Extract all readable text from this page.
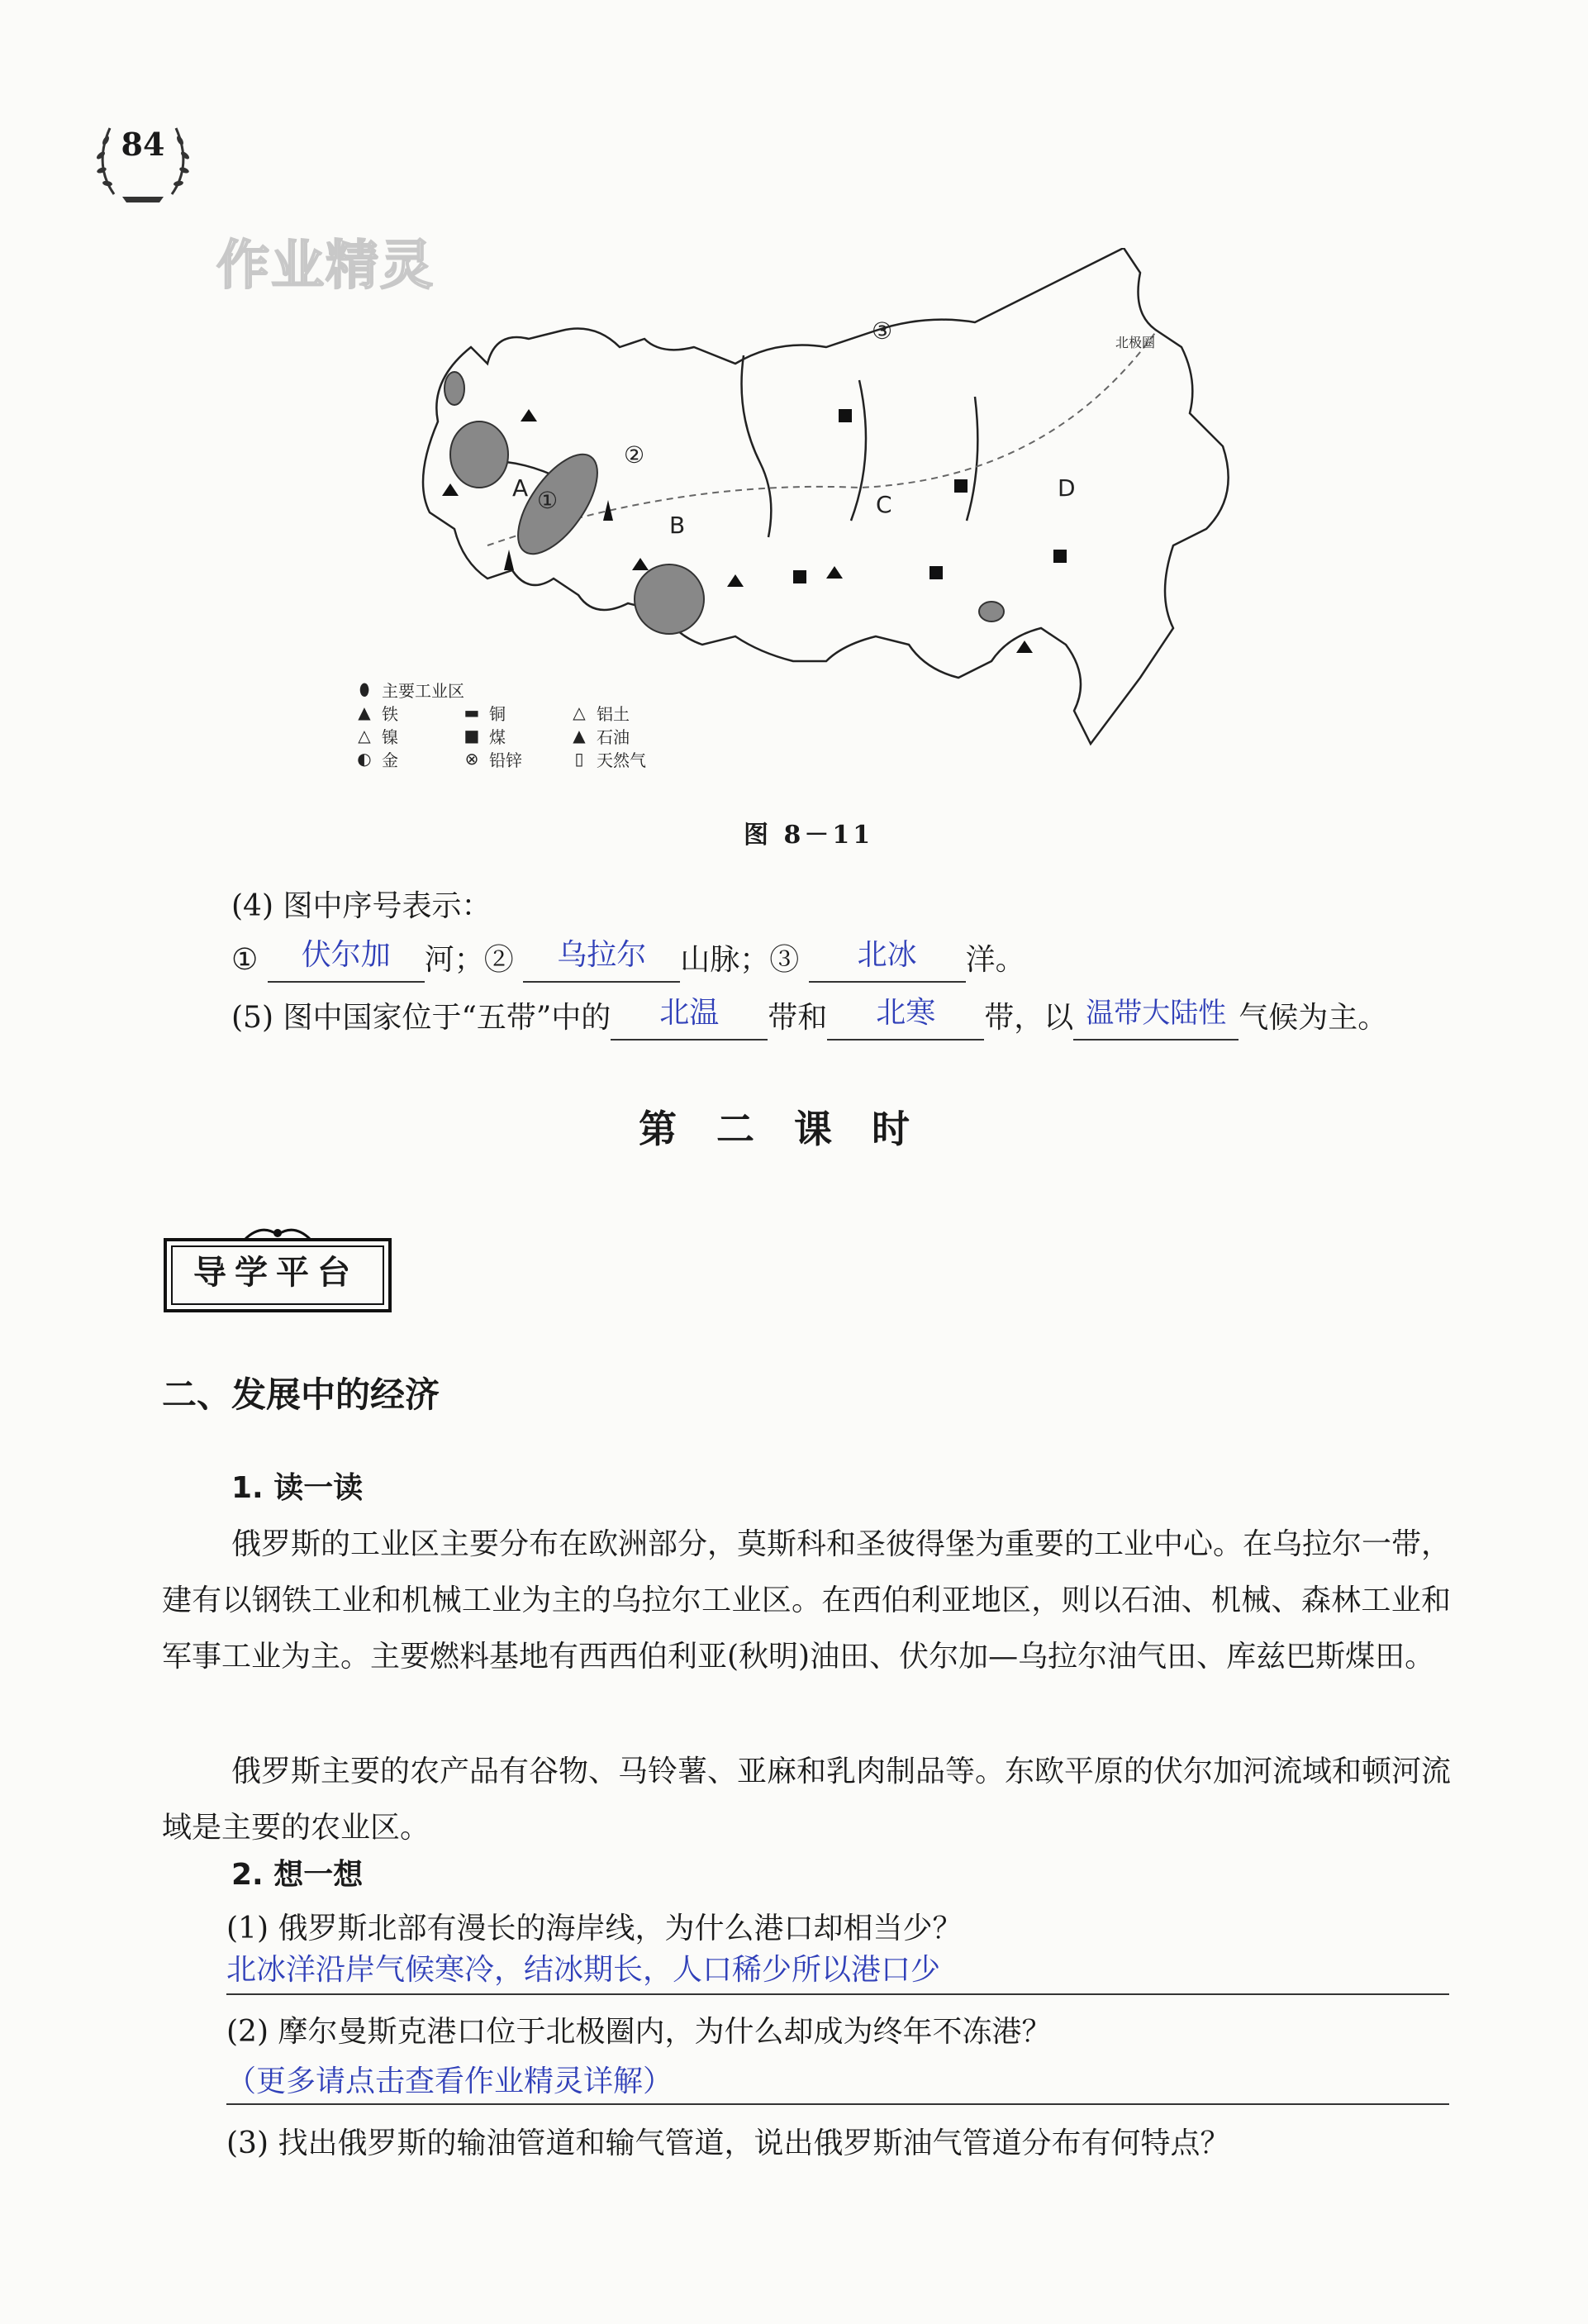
84
作业精灵
A
B
C
D
①
②
③	北极圈
⬮ 主要工业区
▲ 铁	▬ 铜	△ 铝土
△ 镍	■ 煤	▲ 石油
◐ 金	⊗ 铅锌	▯ 天然气
图 8－11
(4) 图中序号表示：
①	伏尔加	河；②	乌拉尔	山脉；③	北冰	洋。
(5) 图中国家位于“五带”中的	北温	带和	北寒	带，以 温带大陆性 气候为主。
第二课时
导学平台
二、发展中的经济
1. 读一读
俄罗斯的工业区主要分布在欧洲部分，莫斯科和圣彼得堡为重要的工业中心。在乌拉尔一带，建有以钢铁工业和机械工业为主的乌拉尔工业区。在西伯利亚地区，则以石油、机械、森林工业和军事工业为主。主要燃料基地有西西伯利亚(秋明)油田、伏尔加—乌拉尔油气田、库兹巴斯煤田。
俄罗斯主要的农产品有谷物、马铃薯、亚麻和乳肉制品等。东欧平原的伏尔加河流域和顿河流域是主要的农业区。
2. 想一想
(1) 俄罗斯北部有漫长的海岸线，为什么港口却相当少？
北冰洋沿岸气候寒冷，结冰期长，人口稀少所以港口少
(2) 摩尔曼斯克港口位于北极圈内，为什么却成为终年不冻港？
（更多请点击查看作业精灵详解）
(3) 找出俄罗斯的输油管道和输气管道，说出俄罗斯油气管道分布有何特点？
